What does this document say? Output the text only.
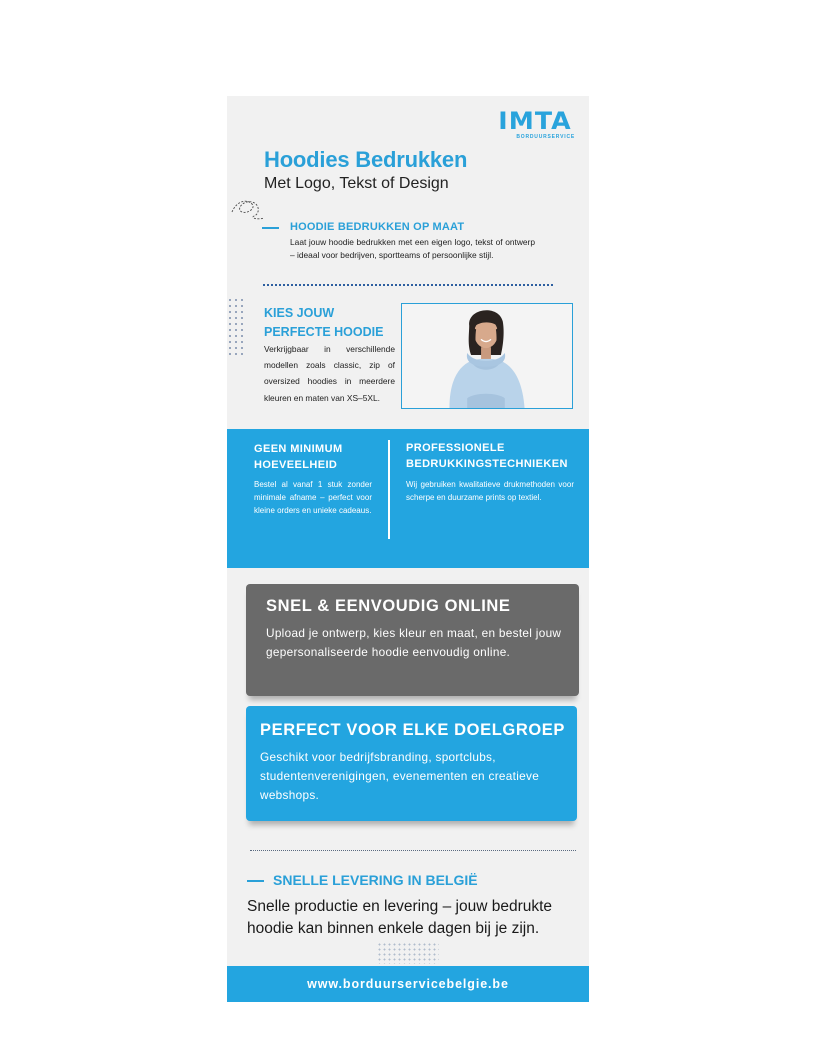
IMTA
BORDUURSERVICE
Hoodies Bedrukken
Met Logo, Tekst of Design
HOODIE BEDRUKKEN OP MAAT
Laat jouw hoodie bedrukken met een eigen logo, tekst of ontwerp – ideaal voor bedrijven, sportteams of persoonlijke stijl.
KIES JOUW
PERFECTE HOODIE
Verkrijgbaar in verschillende modellen zoals classic, zip of oversized hoodies in meerdere kleuren en maten van XS–5XL.
GEEN MINIMUM
HOEVEELHEID
Bestel al vanaf 1 stuk zonder minimale afname – perfect voor kleine orders en unieke cadeaus.
PROFESSIONELE
BEDRUKKINGSTECHNIEKEN
Wij gebruiken kwalitatieve drukmethoden voor scherpe en duurzame prints op textiel.
SNEL & EENVOUDIG ONLINE
Upload je ontwerp, kies kleur en maat, en bestel jouw gepersonaliseerde hoodie eenvoudig online.
PERFECT VOOR ELKE DOELGROEP
Geschikt voor bedrijfsbranding, sportclubs, studentenverenigingen, evenementen en creatieve webshops.
SNELLE LEVERING IN BELGIË
Snelle productie en levering – jouw bedrukte hoodie kan binnen enkele dagen bij je zijn.
www.borduurservicebelgie.be
